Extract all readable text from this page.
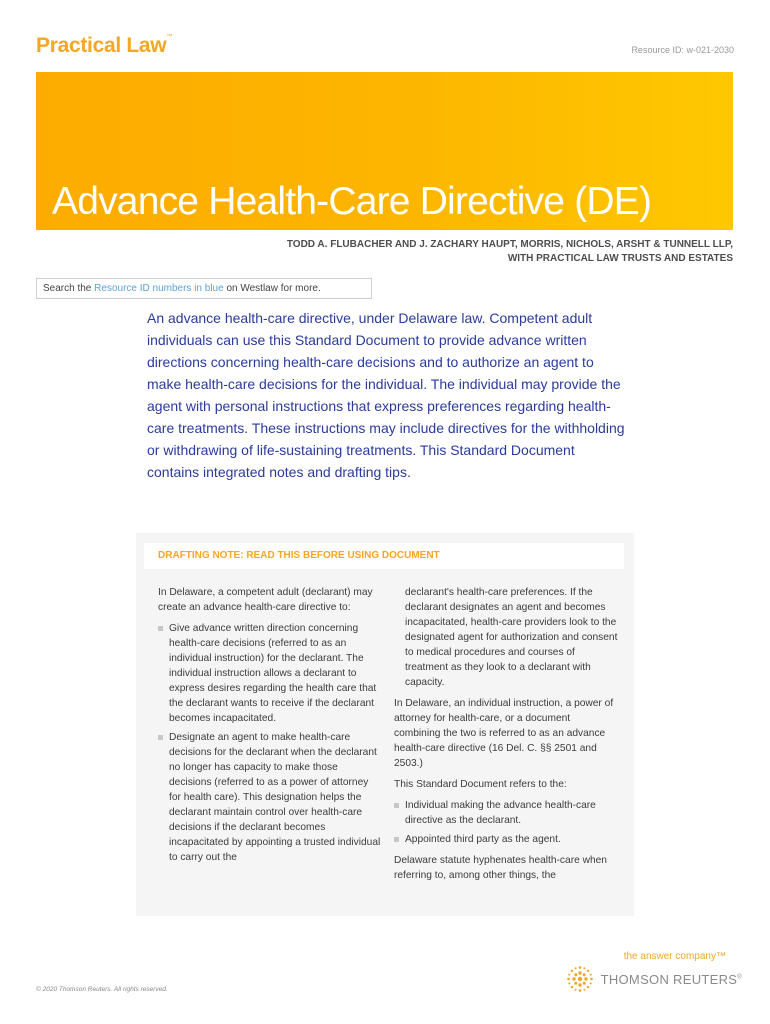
Practical Law™
Resource ID: w-021-2030
Advance Health-Care Directive (DE)
TODD A. FLUBACHER AND J. ZACHARY HAUPT, MORRIS, NICHOLS, ARSHT & TUNNELL LLP,
WITH PRACTICAL LAW TRUSTS AND ESTATES
Search the Resource ID numbers in blue on Westlaw for more.

An advance health-care directive, under Delaware law. Competent adult individuals can use this Standard Document to provide advance written directions concerning health-care decisions and to authorize an agent to make health-care decisions for the individual. The individual may provide the agent with personal instructions that express preferences regarding health-care treatments. These instructions may include directives for the withholding or withdrawing of life-sustaining treatments. This Standard Document contains integrated notes and drafting tips.

DRAFTING NOTE: READ THIS BEFORE USING DOCUMENT

In Delaware, a competent adult (declarant) may create an advance health-care directive to:

Give advance written direction concerning health-care decisions (referred to as an individual instruction) for the declarant. The individual instruction allows a declarant to express desires regarding the health care that the declarant wants to receive if the declarant becomes incapacitated.
Designate an agent to make health-care decisions for the declarant when the declarant no longer has capacity to make those decisions (referred to as a power of attorney for health care). This designation helps the declarant maintain control over health-care decisions if the declarant becomes incapacitated by appointing a trusted individual to carry out the
declarant's health-care preferences. If the declarant designates an agent and becomes incapacitated, health-care providers look to the designated agent for authorization and consent to medical procedures and courses of treatment as they look to a declarant with capacity.

In Delaware, an individual instruction, a power of attorney for health-care, or a document combining the two is referred to as an advance health-care directive (16 Del. C. §§ 2501 and 2503.)

This Standard Document refers to the:

Individual making the advance health-care directive as the declarant.
Appointed third party as the agent.

Delaware statute hyphenates health-care when referring to, among other things, the

the answer company™
THOMSON REUTERS®
© 2020 Thomson Reuters. All rights reserved.
